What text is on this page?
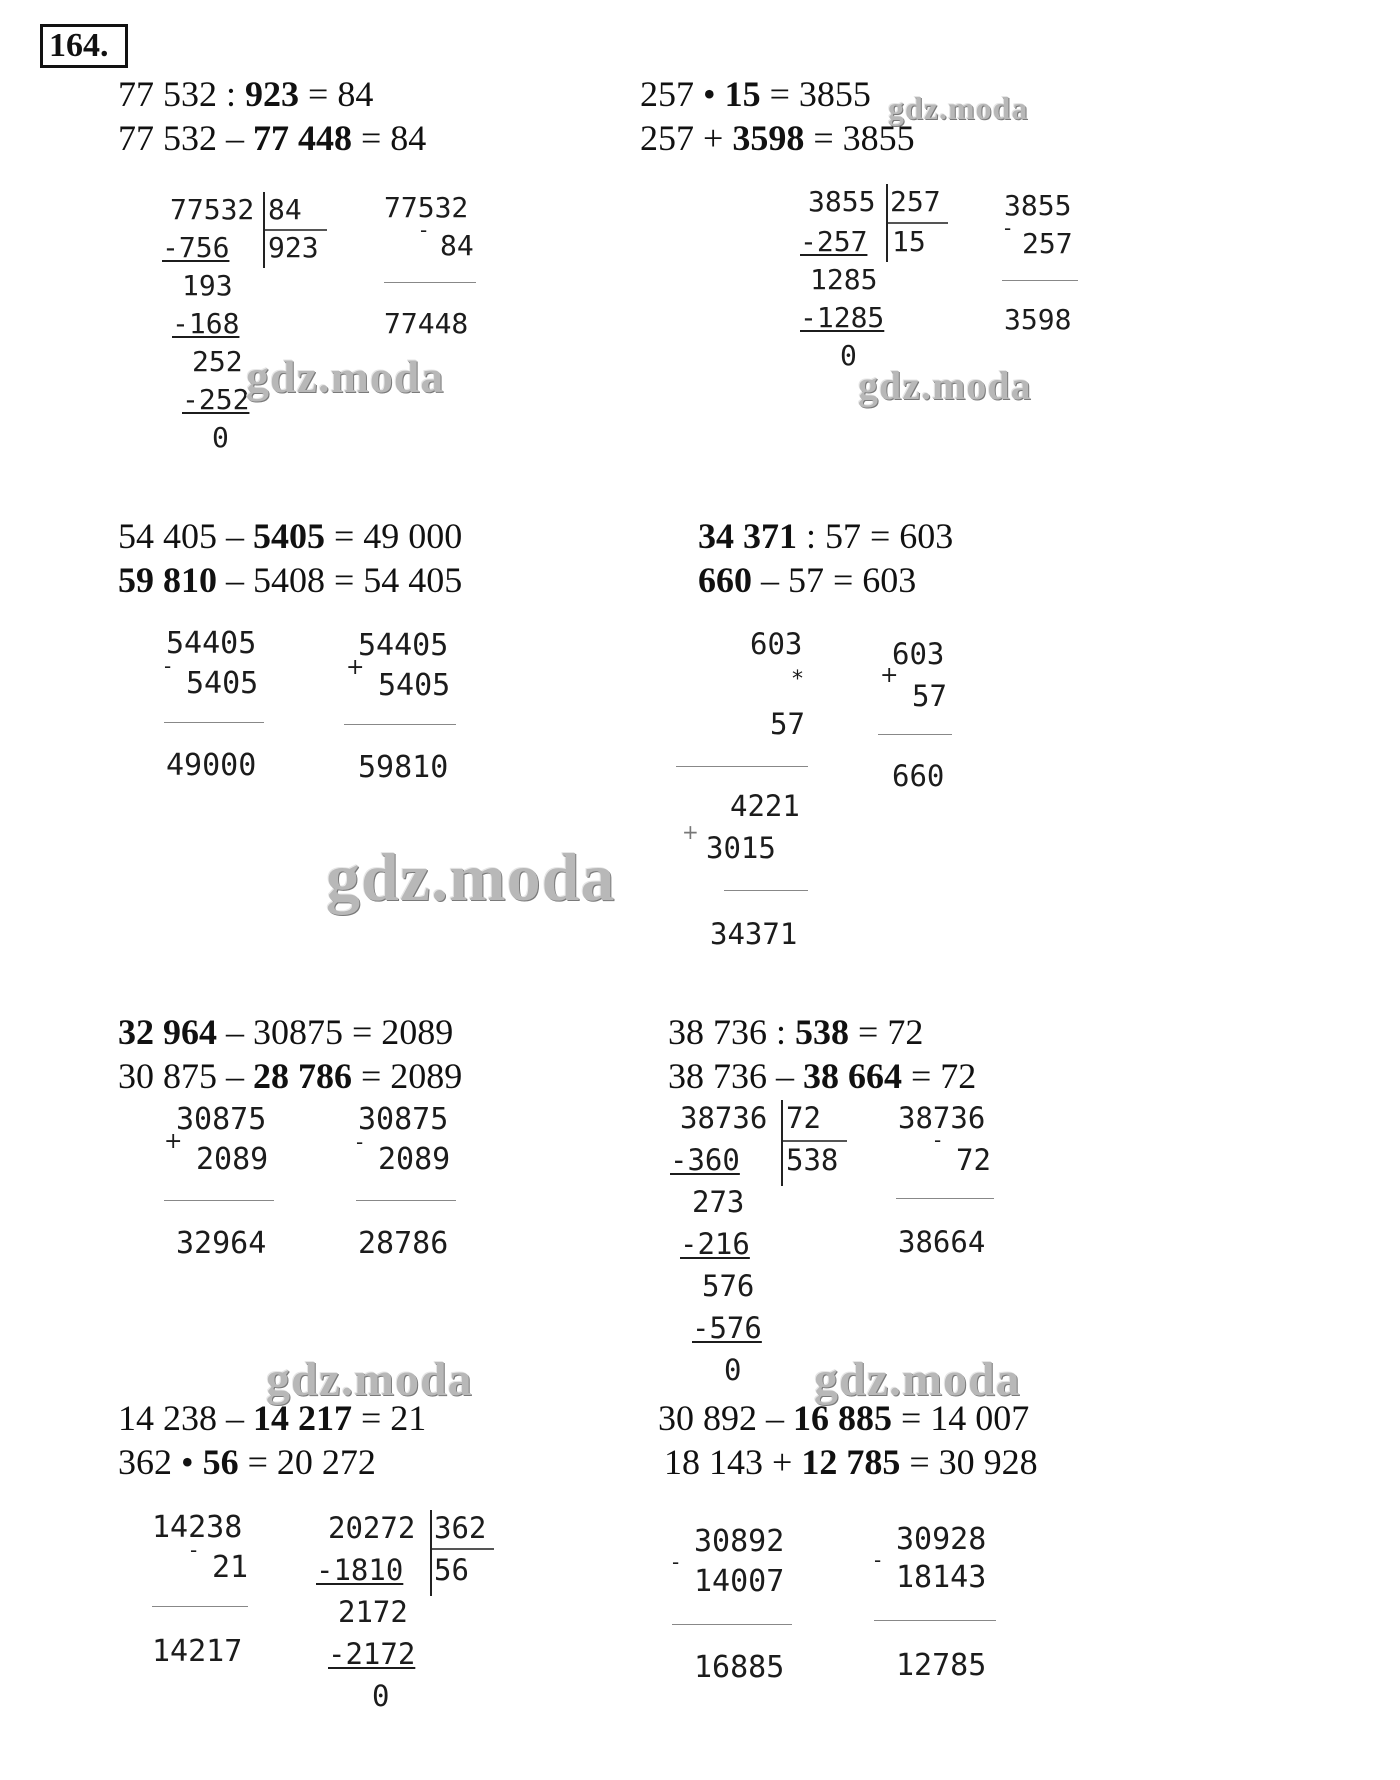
164.
77 532 : 923 = 84
77 532 – 77 448 = 84
77532 84
923
-756
193
-168
252
-252
0
77532
- 84
77448
257 • 15 = 3855
257 + 3598 = 3855
3855 257
15
-257
1285
-1285
0
3855
- 257
3598
54 405 – 5405 = 49 000
59 810 – 5408 = 54 405
54405
- 5405
49000
54405
+
5405
59810
34 371 : 57 = 603
660 – 57 = 603
603
*
57
4221
+ 3015
34371
603
+
57
660
32 964 – 30875 = 2089
30 875 – 28 786 = 2089
30875
+
2089
32964
30875
- 2089
28786
38 736 : 538 = 72
38 736 – 38 664 = 72
38736 72
538
-360
273
-216
576
-576
0
38736
-
72
38664
14 238 – 14 217 = 21
362 • 56 = 20 272
14238
- 21
14217
20272 362
56
-1810
2172
-2172
0
30 892 – 16 885 = 14 007
18 143 + 12 785 = 30 928
30892
-
14007
16885
30928
- 18143
12785
gdz.moda
gdz.moda	gdz.moda
gdz.moda
gdz.moda	gdz.moda
